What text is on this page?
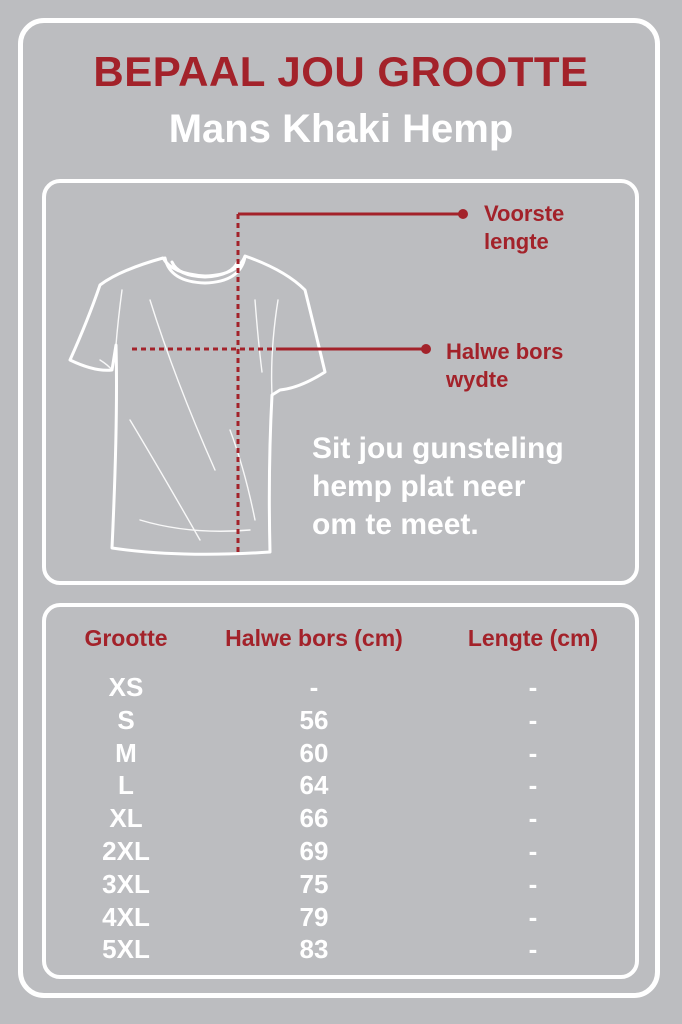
BEPAAL JOU GROOTTE
Mans Khaki Hemp

Voorste
lengte

Halwe bors
wydte

Sit jou gunsteling
hemp plat neer
om te meet.

Grootte	Halwe bors (cm)	Lengte (cm)
XS	-	-
S	56	-
M	60	-
L	64	-
XL	66	-
2XL	69	-
3XL	75	-
4XL	79	-
5XL	83	-
